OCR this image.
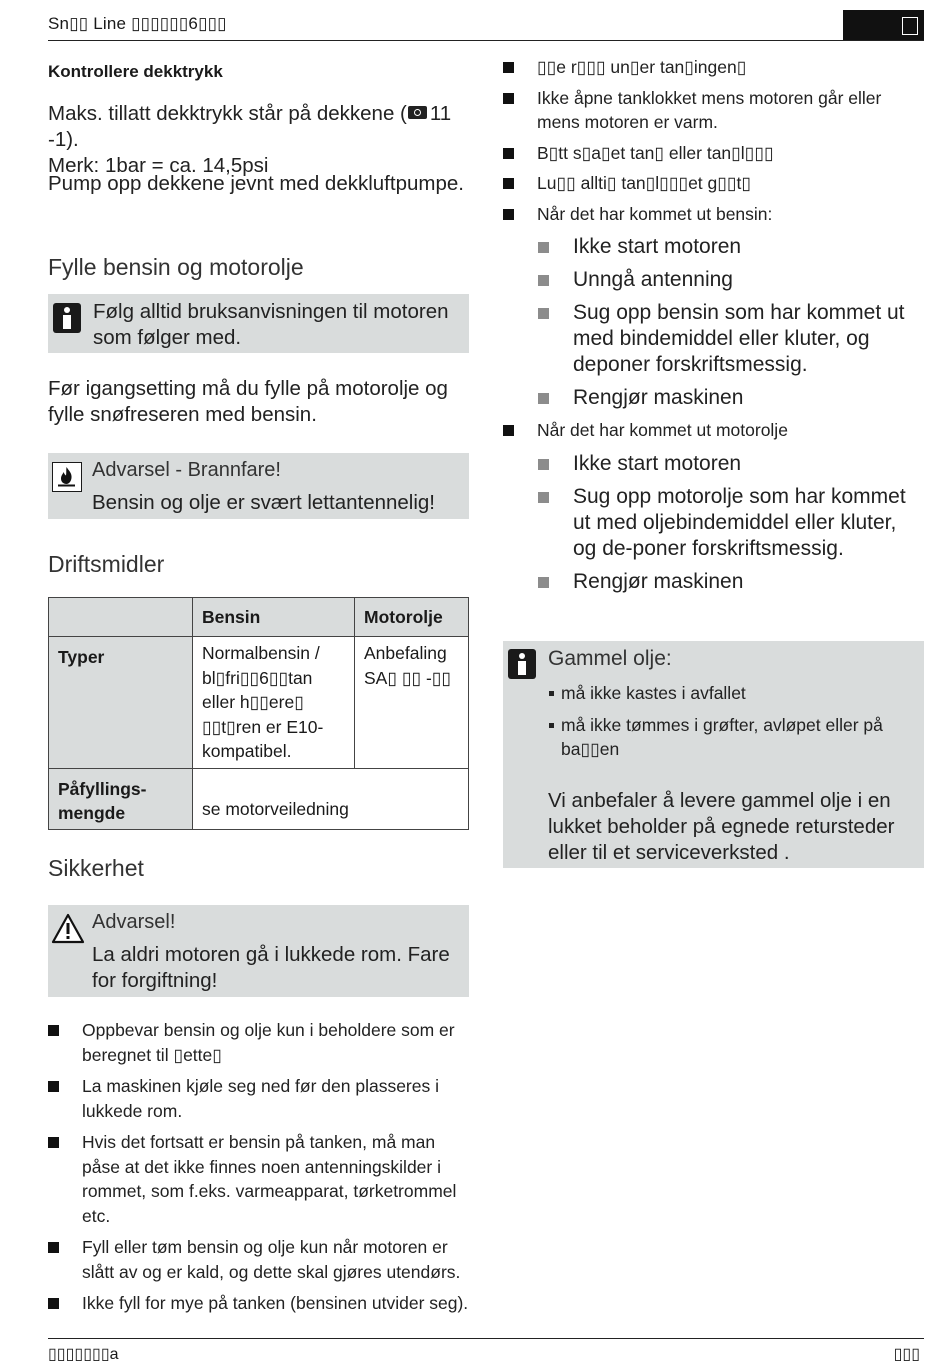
Sn▯▯ Line ▯▯▯▯▯▯6▯▯▯
Kontrollere dekktrykk
Maks. tillatt dekktrykk står på dekkene ( 11 -1).
Merk: 1bar = ca. 14,5psi
Pump opp dekkene jevnt med dekkluftpumpe.
Fylle bensin og motorolje
Følg alltid bruksanvisningen til motoren som følger med.
Før igangsetting må du fylle på motorolje og fylle snøfreseren med bensin.
Advarsel - Brannfare!
Bensin og olje er svært lettantennelig!
Driftsmidler
	Bensin	Motorolje
Typer	Normalbensin / bl▯fri▯▯6▯▯tan eller h▯▯ere▯ ▯▯t▯ren er E10-kompatibel.	Anbefaling SA▯ ▯▯ -▯▯
Påfyllings-mengde	se motorveiledning	
Sikkerhet
Advarsel!
La aldri motoren gå i lukkede rom. Fare for forgiftning!
Oppbevar bensin og olje kun i beholdere som er beregnet til ▯ette▯
La maskinen kjøle seg ned før den plasseres i lukkede rom.
Hvis det fortsatt er bensin på tanken, må man påse at det ikke finnes noen antenningskilder i rommet, som f.eks. varmeapparat, tørketrommel etc.
Fyll eller tøm bensin og olje kun når motoren er slått av og er kald, og dette skal gjøres utendørs.
Ikke fyll for mye på tanken (bensinen utvider seg).
▯▯e r▯▯▯ un▯er tan▯ingen▯
Ikke åpne tanklokket mens motoren går eller mens motoren er varm.
B▯tt s▯a▯et tan▯ eller tan▯l▯▯▯
Lu▯▯ allti▯ tan▯l▯▯▯et g▯▯t▯
Når det har kommet ut bensin:
Ikke start motoren
Unngå antenning
Sug opp bensin som har kommet ut med bindemiddel eller kluter, og deponer forskriftsmessig.
Rengjør maskinen
Når det har kommet ut motorolje
Ikke start motoren
Sug opp motorolje som har kommet ut med oljebindemiddel eller kluter, og de-poner forskriftsmessig.
Rengjør maskinen
Gammel olje:
må ikke kastes i avfallet
må ikke tømmes i grøfter, avløpet eller på ba▯▯en
Vi anbefaler å levere gammel olje i en lukket beholder på egnede retursteder eller til et serviceverksted .
▯▯▯▯▯▯▯a	▯▯▯
